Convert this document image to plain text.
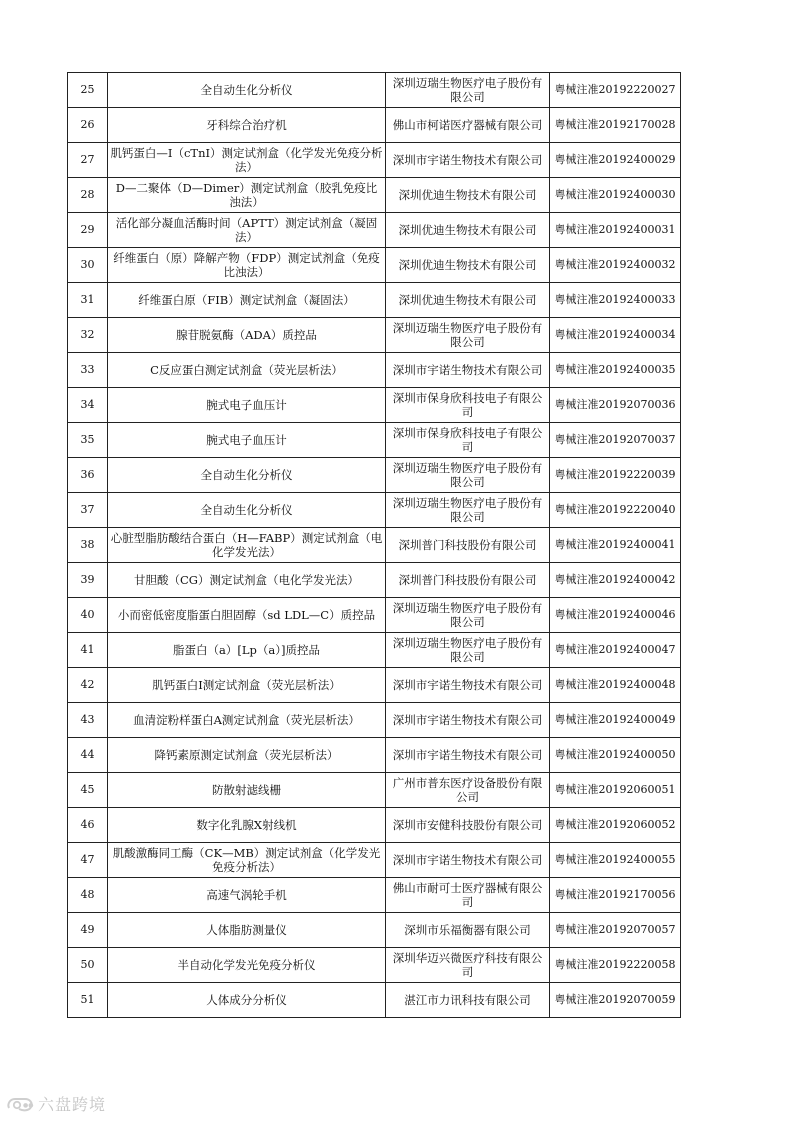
25	全自动生化分析仪	深圳迈瑞生物医疗电子股份有限公司	粤械注准20192220027
26	牙科综合治疗机	佛山市柯诺医疗器械有限公司	粤械注准20192170028
27	肌钙蛋白—I（cTnI）测定试剂盒（化学发光免疫分析法）	深圳市宇诺生物技术有限公司	粤械注准20192400029
28	D—二聚体（D—Dimer）测定试剂盒（胶乳免疫比浊法）	深圳优迪生物技术有限公司	粤械注准20192400030
29	活化部分凝血活酶时间（APTT）测定试剂盒（凝固法）	深圳优迪生物技术有限公司	粤械注准20192400031
30	纤维蛋白（原）降解产物（FDP）测定试剂盒（免疫比浊法）	深圳优迪生物技术有限公司	粤械注准20192400032
31	纤维蛋白原（FIB）测定试剂盒（凝固法）	深圳优迪生物技术有限公司	粤械注准20192400033
32	腺苷脱氨酶（ADA）质控品	深圳迈瑞生物医疗电子股份有限公司	粤械注准20192400034
33	C反应蛋白测定试剂盒（荧光层析法）	深圳市宇诺生物技术有限公司	粤械注准20192400035
34	腕式电子血压计	深圳市保身欣科技电子有限公司	粤械注准20192070036
35	腕式电子血压计	深圳市保身欣科技电子有限公司	粤械注准20192070037
36	全自动生化分析仪	深圳迈瑞生物医疗电子股份有限公司	粤械注准20192220039
37	全自动生化分析仪	深圳迈瑞生物医疗电子股份有限公司	粤械注准20192220040
38	心脏型脂肪酸结合蛋白（H—FABP）测定试剂盒（电化学发光法）	深圳普门科技股份有限公司	粤械注准20192400041
39	甘胆酸（CG）测定试剂盒（电化学发光法）	深圳普门科技股份有限公司	粤械注准20192400042
40	小而密低密度脂蛋白胆固醇（sd LDL—C）质控品	深圳迈瑞生物医疗电子股份有限公司	粤械注准20192400046
41	脂蛋白（a）[Lp（a）]质控品	深圳迈瑞生物医疗电子股份有限公司	粤械注准20192400047
42	肌钙蛋白Ⅰ测定试剂盒（荧光层析法）	深圳市宇诺生物技术有限公司	粤械注准20192400048
43	血清淀粉样蛋白A测定试剂盒（荧光层析法）	深圳市宇诺生物技术有限公司	粤械注准20192400049
44	降钙素原测定试剂盒（荧光层析法）	深圳市宇诺生物技术有限公司	粤械注准20192400050
45	防散射滤线栅	广州市普东医疗设备股份有限公司	粤械注准20192060051
46	数字化乳腺X射线机	深圳市安健科技股份有限公司	粤械注准20192060052
47	肌酸激酶同工酶（CK—MB）测定试剂盒（化学发光免疫分析法）	深圳市宇诺生物技术有限公司	粤械注准20192400055
48	高速气涡轮手机	佛山市耐可士医疗器械有限公司	粤械注准20192170056
49	人体脂肪测量仪	深圳市乐福衡器有限公司	粤械注准20192070057
50	半自动化学发光免疫分析仪	深圳华迈兴微医疗科技有限公司	粤械注准20192220058
51	人体成分分析仪	湛江市力讯科技有限公司	粤械注准20192070059
●● 六盘跨境
